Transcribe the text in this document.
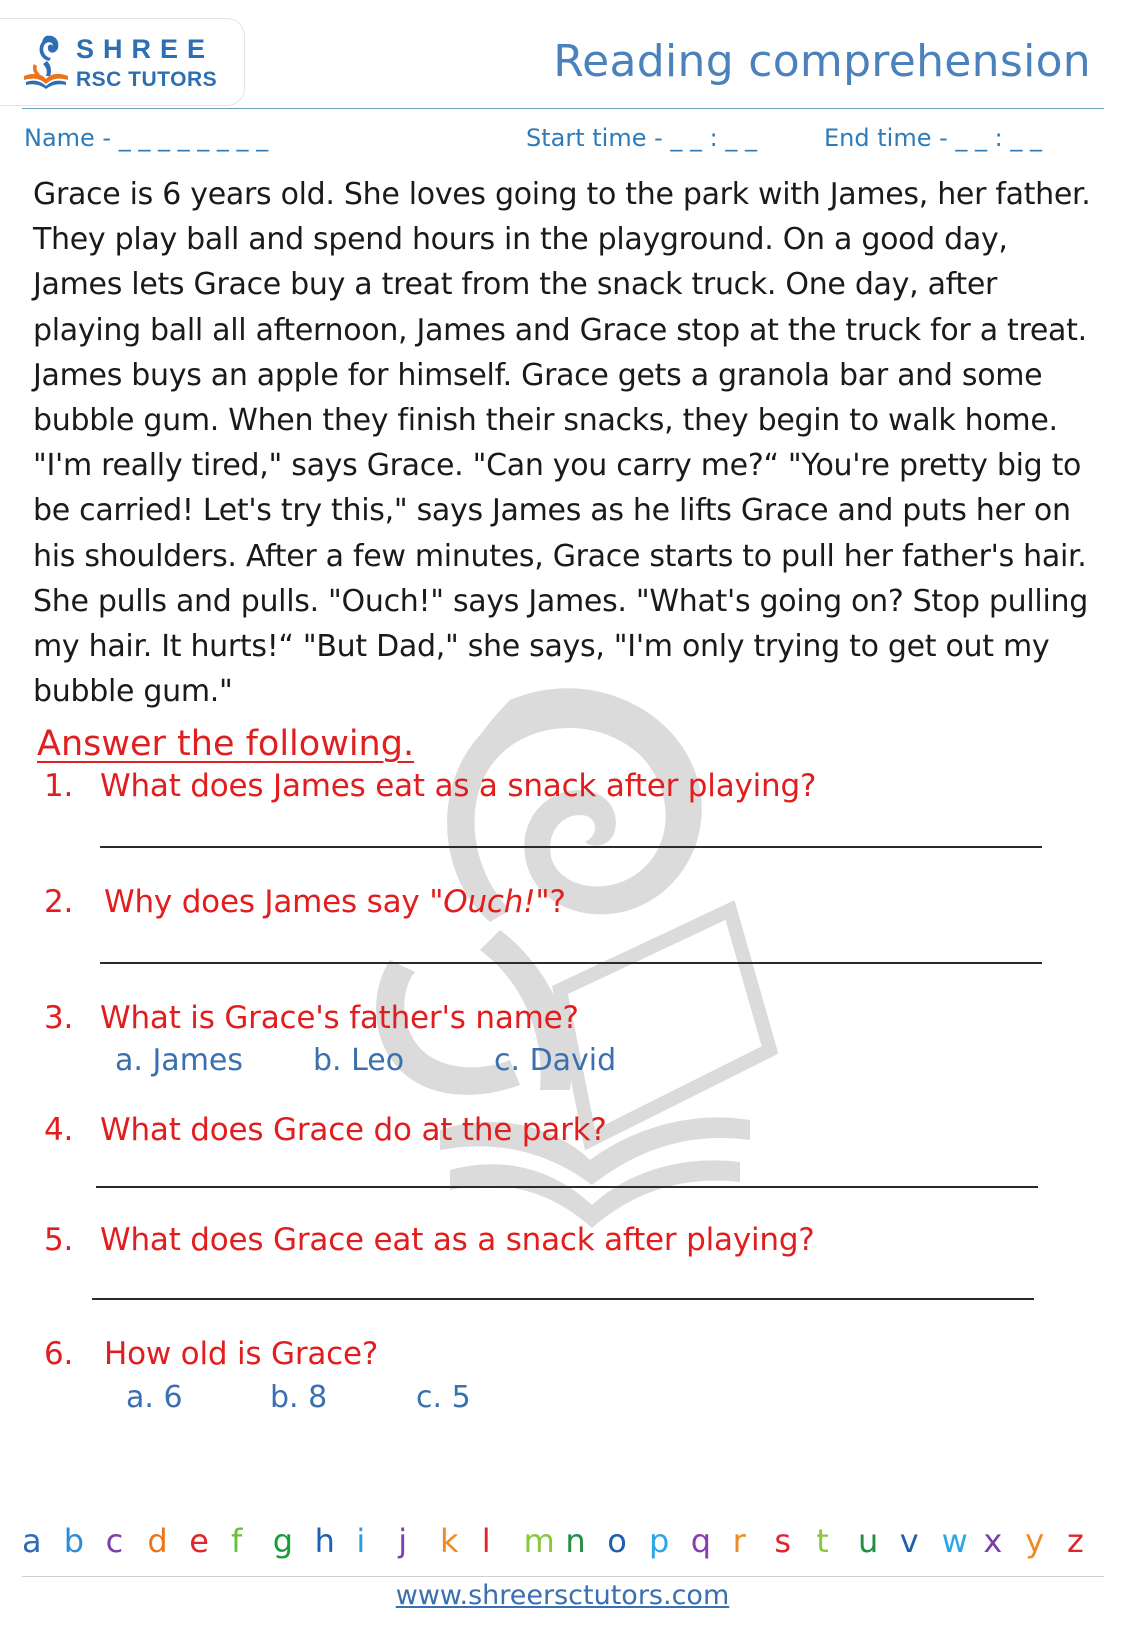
SHREE
RSC TUTORS	Reading comprehension
Name - _ _ _ _ _ _ _ _	Start time - _ _ : _ _	End time - _ _ : _ _
Grace is 6 years old. She loves going to the park with James, her father. They play ball and spend hours in the playground. On a good day, James lets Grace buy a treat from the snack truck. One day, after playing ball all afternoon, James and Grace stop at the truck for a treat. James buys an apple for himself. Grace gets a granola bar and some bubble gum. When they finish their snacks, they begin to walk home. "I'm really tired," says Grace. "Can you carry me?“ "You're pretty big to be carried! Let's try this," says James as he lifts Grace and puts her on his shoulders. After a few minutes, Grace starts to pull her father's hair. She pulls and pulls. "Ouch!" says James. "What's going on? Stop pulling my hair. It hurts!“ "But Dad," she says, "I'm only trying to get out my bubble gum."
Answer the following.
1. What does James eat as a snack after playing?
2. Why does James say "Ouch!"?
3. What is Grace's father's name?
a. James b. Leo	c. David
4. What does Grace do at the park?
5. What does Grace eat as a snack after playing?
6. How old is Grace?
a. 6	b. 8	c. 5
a b c d e f g h i j k l m n o p q r s t u v w x y z
www.shreersctutors.com
